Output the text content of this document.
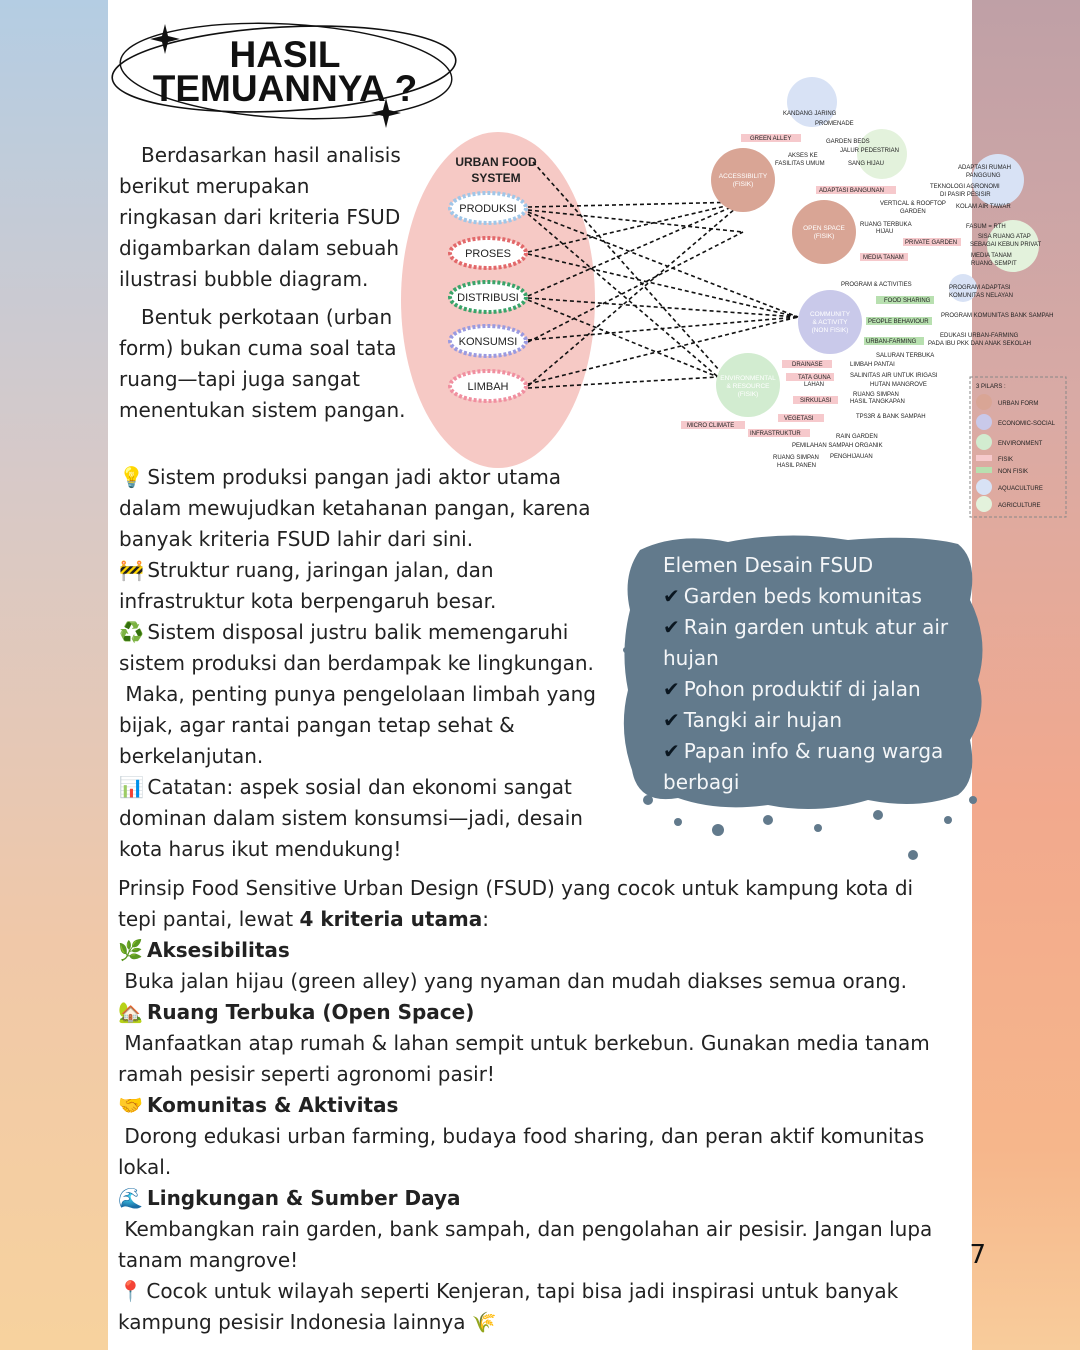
HASIL
TEMUANNYA ?

Berdasarkan hasil analisis berikut merupakan ringkasan dari kriteria FSUD digambarkan dalam sebuah ilustrasi bubble diagram.

Bentuk perkotaan (urban form) bukan cuma soal tata ruang—tapi juga sangat menentukan sistem pangan.

💡 Sistem produksi pangan jadi aktor utama dalam mewujudkan ketahanan pangan, karena banyak kriteria FSUD lahir dari sini.

🚧 Struktur ruang, jaringan jalan, dan infrastruktur kota berpengaruh besar.

♻️ Sistem disposal justru balik memengaruhi sistem produksi dan berdampak ke lingkungan.

Maka, penting punya pengelolaan limbah yang bijak, agar rantai pangan tetap sehat & berkelanjutan.

📊 Catatan: aspek sosial dan ekonomi sangat dominan dalam sistem konsumsi—jadi, desain kota harus ikut mendukung!

URBAN FOOD
SYSTEM
PRODUKSI
PROSES
DISTRIBUSI
KONSUMSI
LIMBAH
ACCESSIBILITY
(FISIK)
OPEN SPACE
(FISIK)
COMMUNITY
& ACTIVITY
(NON FISIK)
ENVIRONMENTAL
& RESOURCE
(FISIK)
KANDANG JARING
PROMENADE
GREEN ALLEY	GARDEN BEDS
JALUR PEDESTRIAN
AKSES KE
FASILITAS UMUM	SANG HIJAU
ADAPTASI RUMAH
PANGGUNG
TEKNOLOGI AGRONOMI
DI PASIR PESISIR
ADAPTASI BANGUNAN
VERTICAL & ROOFTOP
GARDEN
KOLAM AIR TAWAR
RUANG TERBUKA
HIJAU
FASUM = RTH
SISA RUANG ATAP
SEBAGAI KEBUN PRIVAT
PRIVATE GARDEN
MEDIA TANAM
MEDIA TANAM
RUANG SEMPIT
PROGRAM & ACTIVITIES	PROGRAM ADAPTASI
KOMUNITAS NELAYAN
FOOD SHARING
PROGRAM KOMUNITAS BANK SAMPAH
PEOPLE BEHAVIOUR
URBAN-FARMING
EDUKASI URBAN-FARMING
PADA IBU PKK DAN ANAK SEKOLAH
SALURAN TERBUKA
DRAINASE	LIMBAH PANTAI
SALINITAS AIR UNTUK IRIGASI
TATA GUNA
LAHAN	HUTAN MANGROVE
RUANG SIMPAN
HASIL TANGKAPAN
SIRKULASI
VEGETASI	TPS3R & BANK SAMPAH
MICRO CLIMATE
INFRASTRUKTUR	RAIN GARDEN
PEMILAHAN SAMPAH ORGANIK
RUANG SIMPAN
HASIL PANEN
PENGHIJAUAN
3 PILARS :
URBAN FORM
ECONOMIC-SOCIAL
ENVIRONMENT
FISIK
NON FISIK
AQUACULTURE
AGRICULTURE
Elemen Desain FSUD
✔ Garden beds komunitas
✔ Rain garden untuk atur air hujan
✔ Pohon produktif di jalan
✔ Tangki air hujan
✔ Papan info & ruang warga berbagi

Prinsip Food Sensitive Urban Design (FSUD) yang cocok untuk kampung kota di tepi pantai, lewat 4 kriteria utama:

🌿 Aksesibilitas

Buka jalan hijau (green alley) yang nyaman dan mudah diakses semua orang.

🏡 Ruang Terbuka (Open Space)

Manfaatkan atap rumah & lahan sempit untuk berkebun. Gunakan media tanam ramah pesisir seperti agronomi pasir!

🤝 Komunitas & Aktivitas

Dorong edukasi urban farming, budaya food sharing, dan peran aktif komunitas lokal.

🌊 Lingkungan & Sumber Daya

Kembangkan rain garden, bank sampah, dan pengolahan air pesisir. Jangan lupa tanam mangrove!

📍 Cocok untuk wilayah seperti Kenjeran, tapi bisa jadi inspirasi untuk banyak kampung pesisir Indonesia lainnya 🌾

7
